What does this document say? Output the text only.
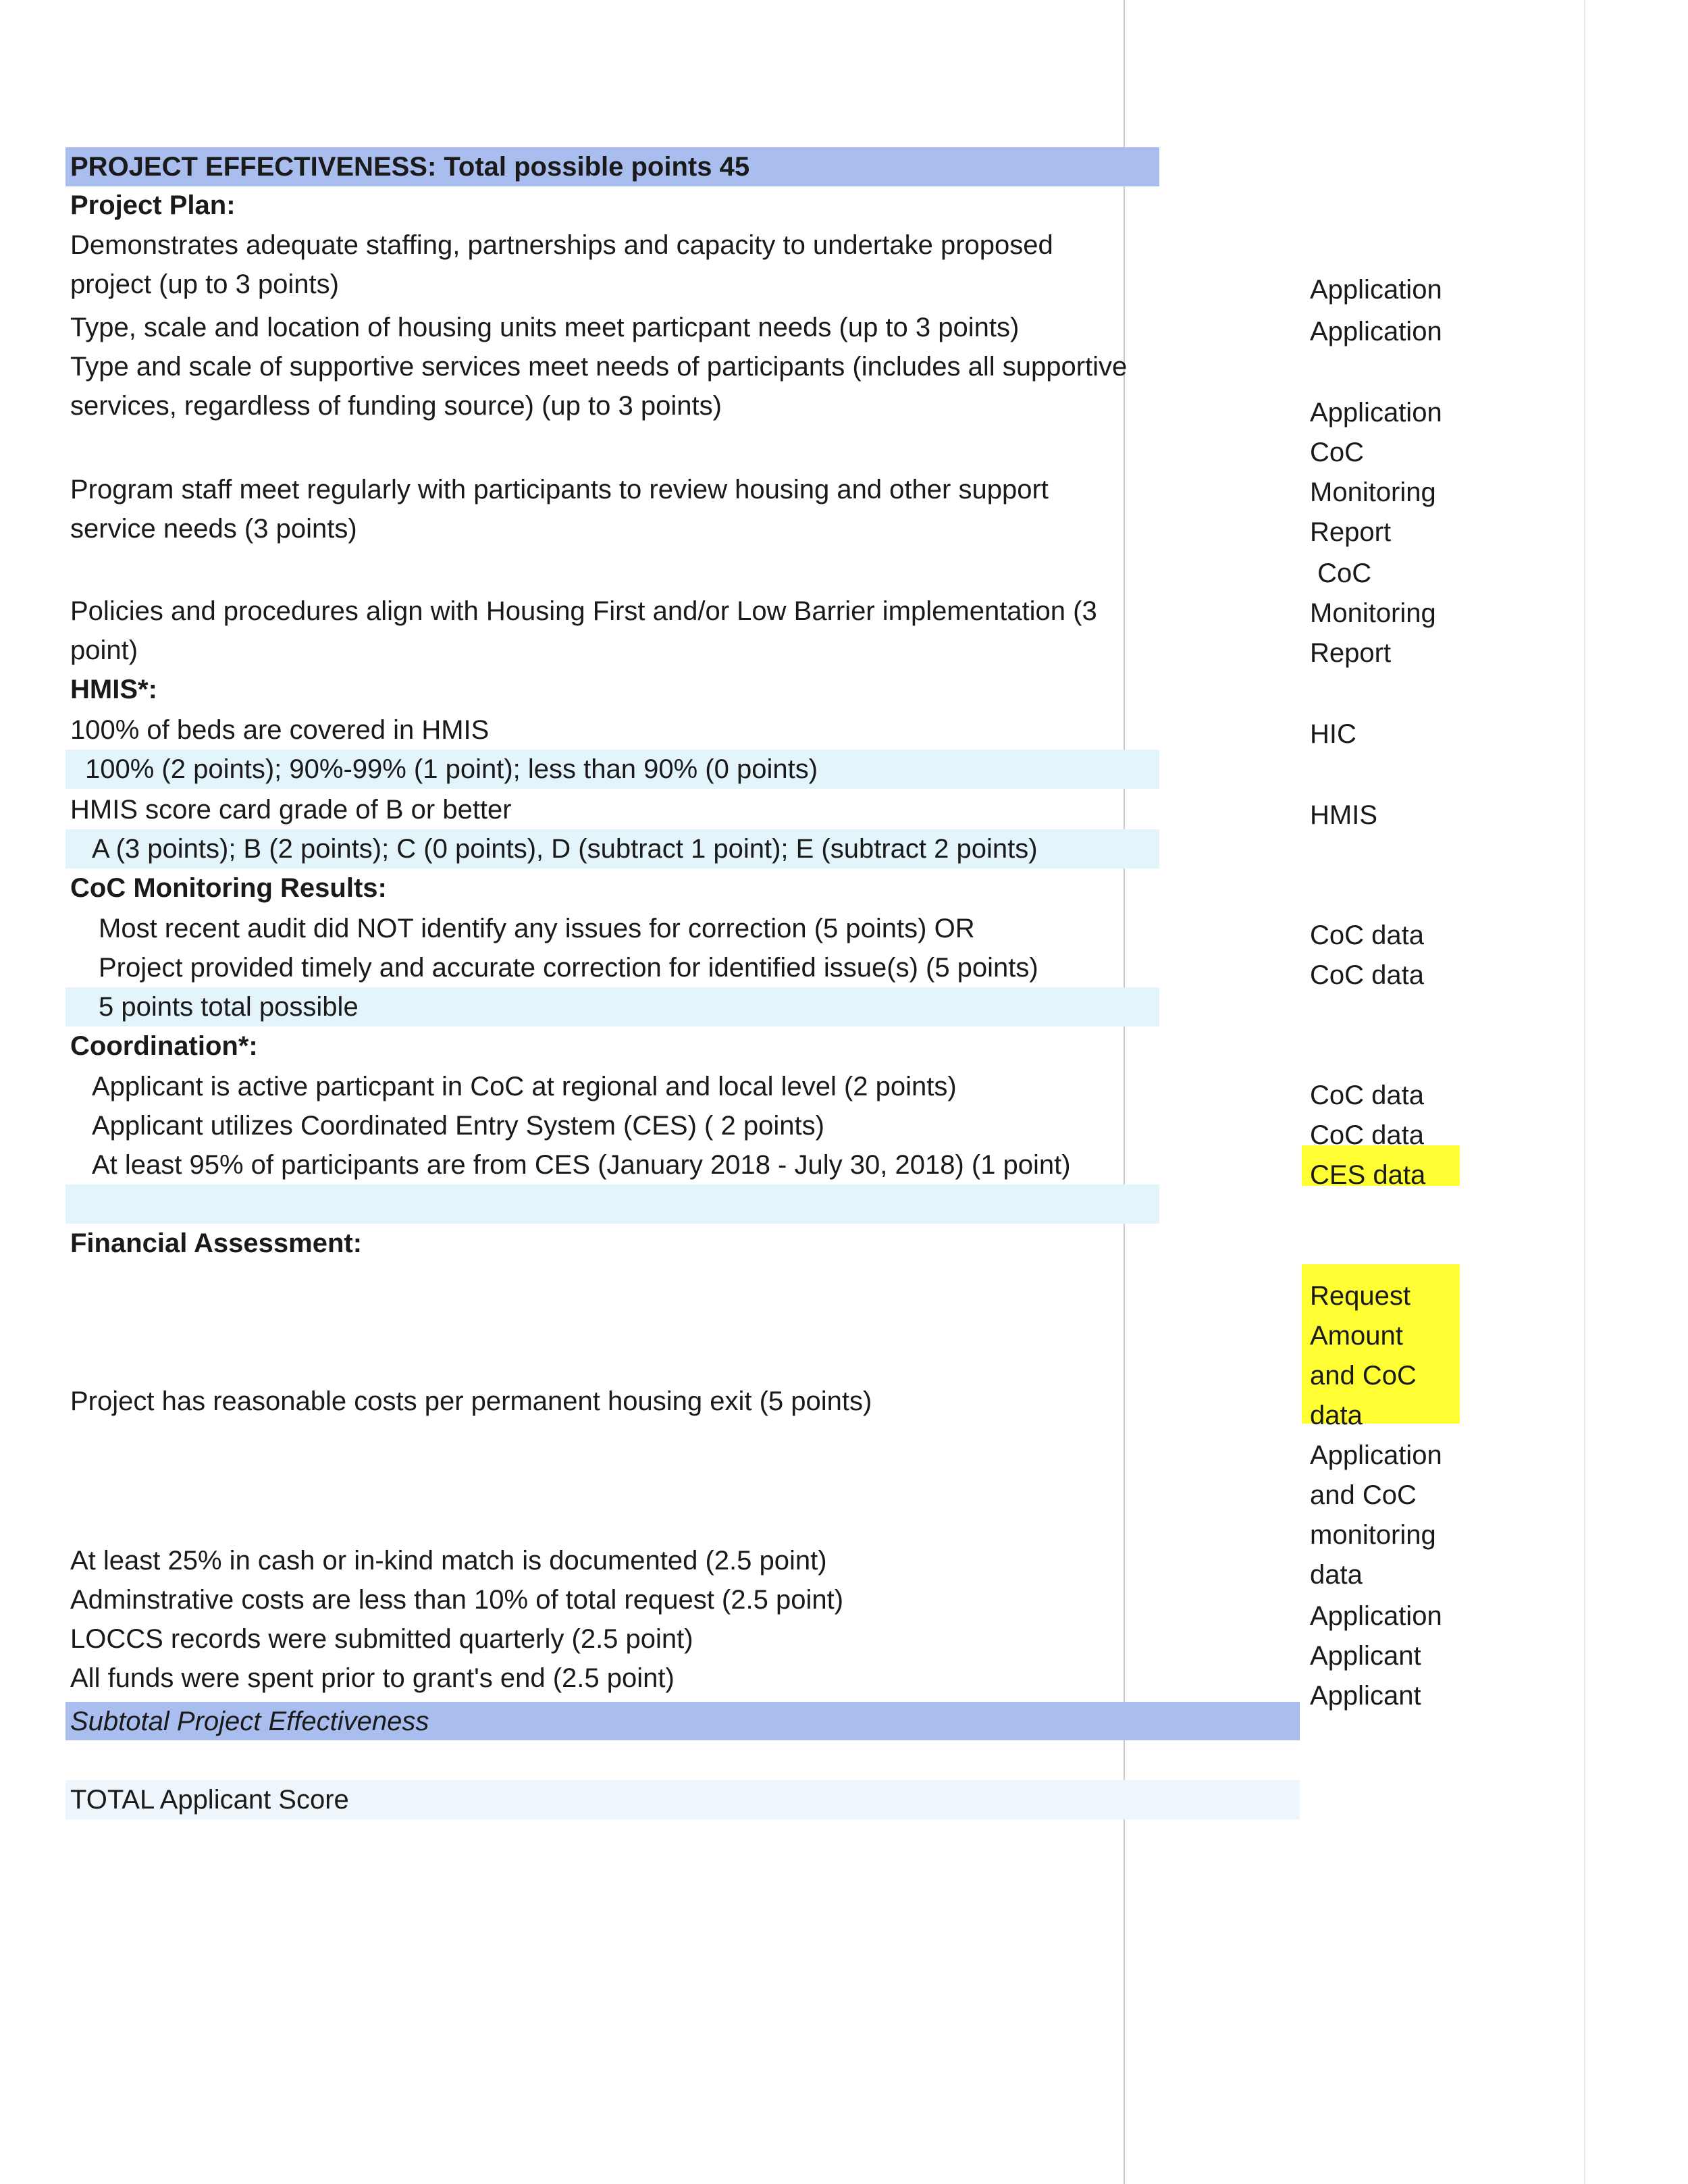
PROJECT EFFECTIVENESS: Total possible points 45
Project Plan:
Demonstrates adequate staffing, partnerships and capacity to undertake proposed
project (up to 3 points)
Type, scale and location of housing units meet particpant needs (up to 3 points)
Type and scale of supportive services meet needs of participants (includes all supportive
services, regardless of funding source) (up to 3 points)
Program staff meet regularly with participants to review housing and other support
service needs (3 points)
Policies and procedures align with Housing First and/or Low Barrier implementation (3
point)
HMIS*:
100% of beds are covered in HMIS
100% (2 points); 90%-99% (1 point); less than 90% (0 points)
HMIS score card grade of B or better
A (3 points); B (2 points); C (0 points), D (subtract 1 point); E (subtract 2 points)
CoC Monitoring Results:
Most recent audit did NOT identify any issues for correction (5 points) OR
Project provided timely and accurate correction for identified issue(s) (5 points)
5 points total possible
Coordination*:
Applicant is active particpant in CoC at regional and local level (2 points)
Applicant utilizes Coordinated Entry System (CES) ( 2 points)
At least 95% of participants are from CES (January 2018 - July 30, 2018) (1 point)
Financial Assessment:
Project has reasonable costs per permanent housing exit (5 points)
At least 25% in cash or in-kind match is documented (2.5 point)
Adminstrative costs are less than 10% of total request (2.5 point)
LOCCS records were submitted quarterly (2.5 point)
All funds were spent prior to grant's end (2.5 point)
Subtotal Project Effectiveness
TOTAL Applicant Score
Application
Application
Application
CoC
Monitoring
Report
CoC
Monitoring
Report
HIC
HMIS
CoC data
CoC data
CoC data
CoC data
CES data
Request
Amount
and CoC
data
Application
and CoC
monitoring
data
Application
Applicant
Applicant
